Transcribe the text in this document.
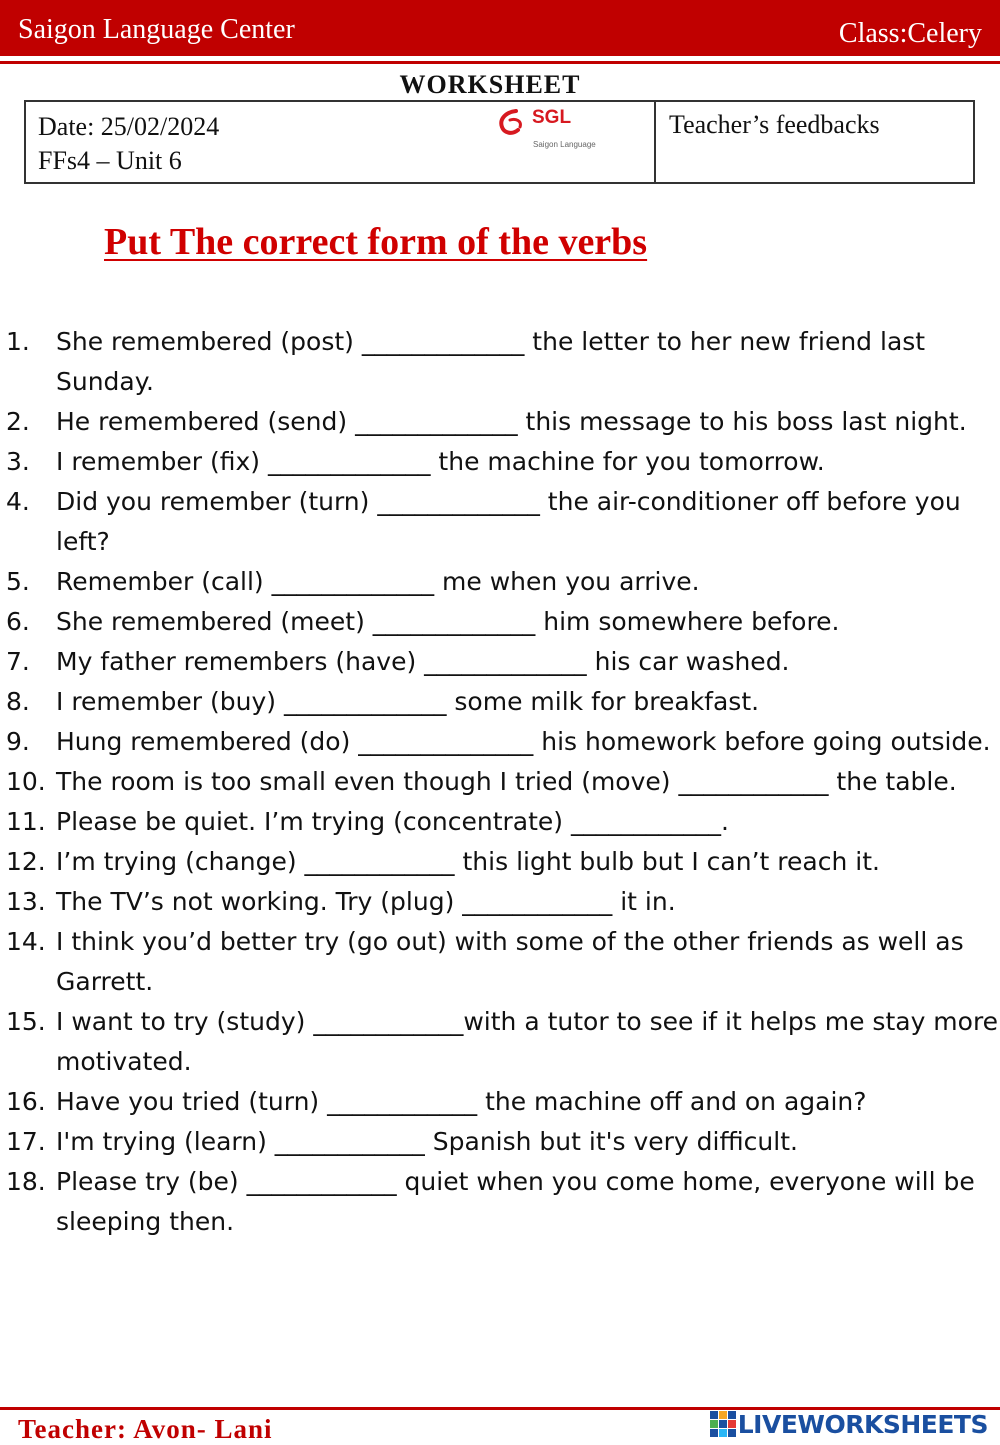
Saigon Language Center	Class:Celery
WORKSHEET
Date: 25/02/2024
FFs4 – Unit 6
SGL
Saigon Language
Teacher’s feedbacks
Put The correct form of the verbs
1. She remembered (post) _____________ the letter to her new friend last Sunday.
2. He remembered (send) _____________ this message to his boss last night.
3. I remember (fix) _____________ the machine for you tomorrow.
4. Did you remember (turn) _____________ the air-conditioner off before you left?
5. Remember (call) _____________ me when you arrive.
6. She remembered (meet) _____________ him somewhere before.
7. My father remembers (have) _____________ his car washed.
8. I remember (buy) _____________ some milk for breakfast.
9. Hung remembered (do) ______________ his homework before going outside.
10. The room is too small even though I tried (move) ____________ the table.
11. Please be quiet. I’m trying (concentrate) ____________.
12. I’m trying (change) ____________ this light bulb but I can’t reach it.
13. The TV’s not working. Try (plug) ____________ it in.
14. I think you’d better try (go out) with some of the other friends as well as Garrett.
15. I want to try (study) ____________with a tutor to see if it helps me stay more motivated.
16. Have you tried (turn) ____________ the machine off and on again?
17. I'm trying (learn) ____________ Spanish but it's very difficult.
18. Please try (be) ____________ quiet when you come home, everyone will be sleeping then.
Teacher: Avon- Lani	LIVEWORKSHEETS
